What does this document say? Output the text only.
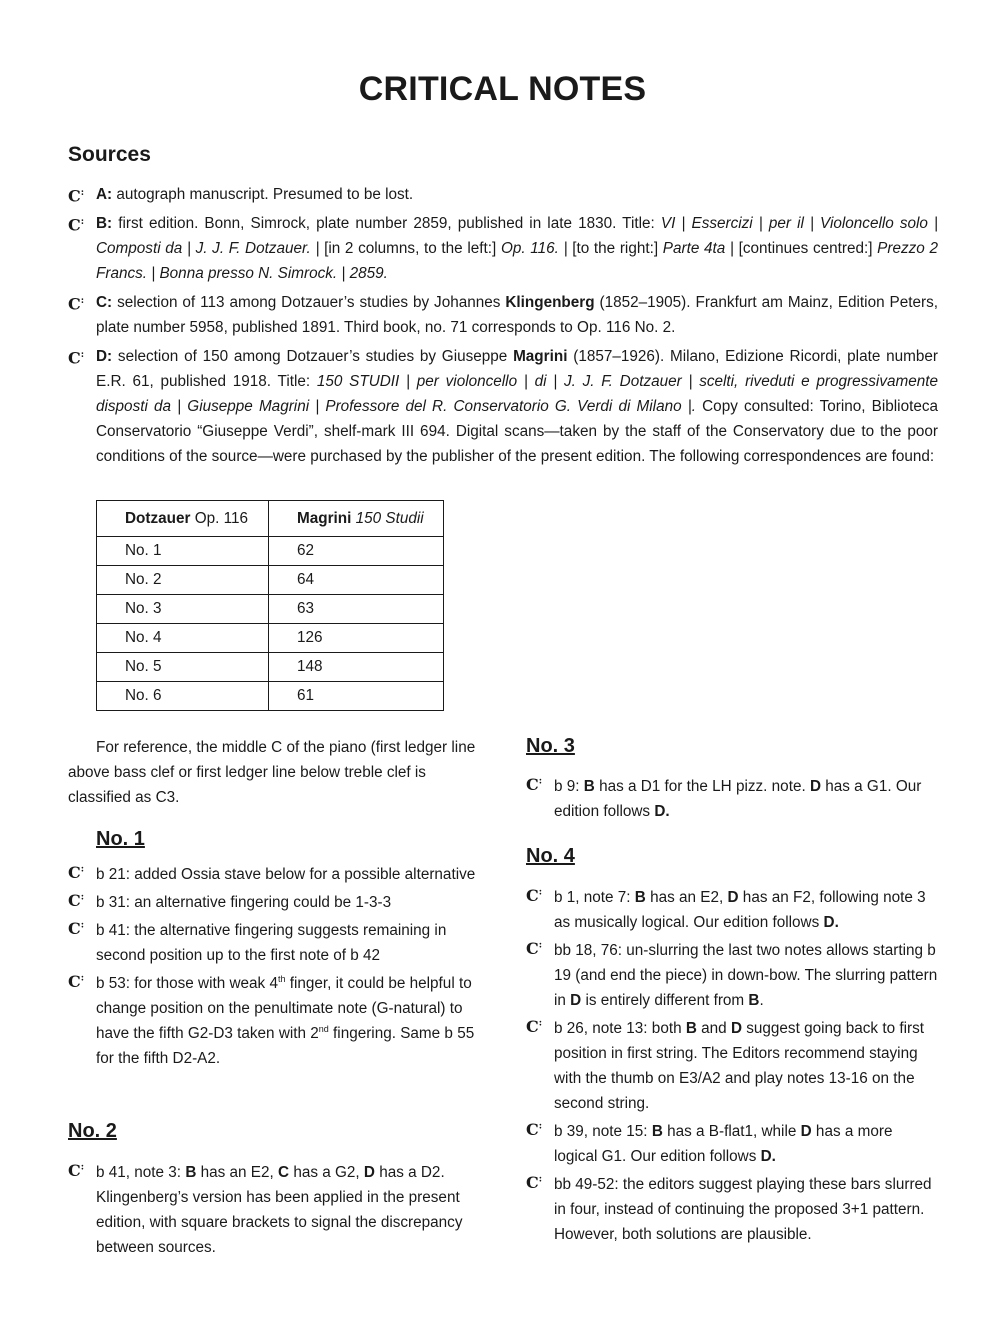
CRITICAL NOTES
Sources
C: A: autograph manuscript. Presumed to be lost.
C: B: first edition. Bonn, Simrock, plate number 2859, published in late 1830. Title: VI | Essercizi | per il | Violoncello solo | Composti da | J. J. F. Dotzauer. | [in 2 columns, to the left:] Op. 116. | [to the right:] Parte 4ta | [continues centred:] Prezzo 2 Francs. | Bonna presso N. Simrock. | 2859.
C: C: selection of 113 among Dotzauer’s studies by Johannes Klingenberg (1852–1905). Frankfurt am Mainz, Edition Peters, plate number 5958, published 1891. Third book, no. 71 corresponds to Op. 116 No. 2.
C: D: selection of 150 among Dotzauer’s studies by Giuseppe Magrini (1857–1926). Milano, Edizione Ricordi, plate number E.R. 61, published 1918. Title: 150 STUDII | per violoncello | di | J. J. F. Dotzauer | scelti, riveduti e progressivamente disposti da | Giuseppe Magrini | Professore del R. Conservatorio G. Verdi di Milano |. Copy consulted: Torino, Biblioteca Conservatorio “Giuseppe Verdi”, shelf-mark III 694. Digital scans—taken by the staff of the Conservatory due to the poor conditions of the source—were purchased by the publisher of the present edition. The following correspondences are found:
Dotzauer Op. 116	Magrini 150 Studii
No. 1	62
No. 2	64
No. 3	63
No. 4	126
No. 5	148
No. 6	61
For reference, the middle C of the piano (first ledger line above bass clef or first ledger line below treble clef is classified as C3.
No. 1
C: b 21: added Ossia stave below for a possible alternative
C: b 31: an alternative fingering could be 1-3-3
C: b 41: the alternative fingering suggests remaining in second position up to the first note of b 42
C: b 53: for those with weak 4th finger, it could be helpful to change position on the penultimate note (G-natural) to have the fifth G2-D3 taken with 2nd fingering. Same b 55 for the fifth D2-A2.
No. 2
C: b 41, note 3: B has an E2, C has a G2, D has a D2. Klingenberg’s version has been applied in the present edition, with square brackets to signal the discrepancy between sources.
No. 3
C: b 9: B has a D1 for the LH pizz. note. D has a G1. Our edition follows D.
No. 4
C: b 1, note 7: B has an E2, D has an F2, following note 3 as musically logical. Our edition follows D.
C: bb 18, 76: un-slurring the last two notes allows starting b 19 (and end the piece) in down-bow. The slurring pattern in D is entirely different from B.
C: b 26, note 13: both B and D suggest going back to first position in first string. The Editors recommend staying with the thumb on E3/A2 and play notes 13-16 on the second string.
C: b 39, note 15: B has a B-flat1, while D has a more logical G1. Our edition follows D.
C: bb 49-52: the editors suggest playing these bars slurred in four, instead of continuing the proposed 3+1 pattern. However, both solutions are plausible.
